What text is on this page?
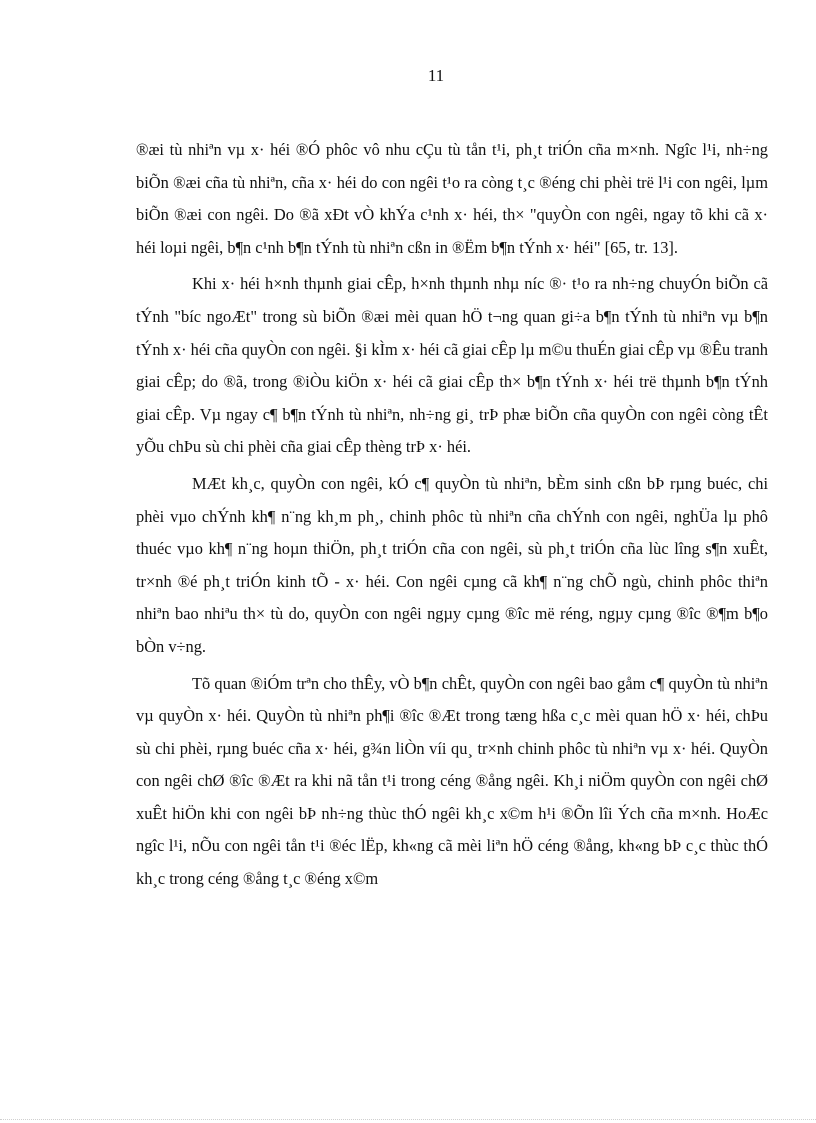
11

®æi tù nhiªn vµ x· héi ®Ó phôc vô nhu cÇu tù tån t¹i, ph¸t triÓn cña m×nh. Ngîc l¹i, nh÷ng biÕn ®æi cña tù nhiªn, cña x· héi do con ngêi t¹o ra còng t¸c ®éng chi phèi trë l¹i con ngêi, lµm biÕn ®æi con ngêi. Do ®ã xÐt vÒ khÝa c¹nh x· héi, th× "quyÒn con ngêi, ngay tõ khi cã x· héi loµi ngêi, b¶n c¹nh b¶n tÝnh tù nhiªn cßn in ®Ëm b¶n tÝnh x· héi" [65, tr. 13].

Khi x· héi h×nh thµnh giai cÊp, h×nh thµnh nhµ níc ®· t¹o ra nh÷ng chuyÓn biÕn cã tÝnh "bíc ngoÆt" trong sù biÕn ®æi mèi quan hÖ t¬ng quan gi÷a b¶n tÝnh tù nhiªn vµ b¶n tÝnh x· héi cña quyÒn con ngêi. §i kÌm x· héi cã giai cÊp lµ m©u thuÉn giai cÊp vµ ®Êu tranh giai cÊp; do ®ã, trong ®iÒu kiÖn x· héi cã giai cÊp th× b¶n tÝnh x· héi trë thµnh b¶n tÝnh giai cÊp. Vµ ngay c¶ b¶n tÝnh tù nhiªn, nh÷ng gi¸ trÞ phæ biÕn cña quyÒn con ngêi còng tÊt yÕu chÞu sù chi phèi cña giai cÊp thèng trÞ x· héi.

MÆt kh¸c, quyÒn con ngêi, kÓ c¶ quyÒn tù nhiªn, bÈm sinh cßn bÞ rµng buéc, chi phèi vµo chÝnh kh¶ n¨ng kh¸m ph¸, chinh phôc tù nhiªn cña chÝnh con ngêi, nghÜa lµ phô thuéc vµo kh¶ n¨ng hoµn thiÖn, ph¸t triÓn cña con ngêi, sù ph¸t triÓn cña lùc lîng s¶n xuÊt, tr×nh ®é ph¸t triÓn kinh tÕ - x· héi. Con ngêi cµng cã kh¶ n¨ng chÕ ngù, chinh phôc thiªn nhiªn bao nhiªu th× tù do, quyÒn con ngêi ngµy cµng ®îc më réng, ngµy cµng ®îc ®¶m b¶o bÒn v÷ng.

Tõ quan ®iÓm trªn cho thÊy, vÒ b¶n chÊt, quyÒn con ngêi bao gåm c¶ quyÒn tù nhiªn vµ quyÒn x· héi. QuyÒn tù nhiªn ph¶i ®îc ®Æt trong tæng hßa c¸c mèi quan hÖ x· héi, chÞu sù chi phèi, rµng buéc cña x· héi, g¾n liÒn víi qu¸ tr×nh chinh phôc tù nhiªn vµ x· héi. QuyÒn con ngêi chØ ®îc ®Æt ra khi nã tån t¹i trong céng ®ång ngêi. Kh¸i niÖm quyÒn con ngêi chØ xuÊt hiÖn khi con ngêi bÞ nh÷ng thùc thÓ ngêi kh¸c x©m h¹i ®Õn lîi Ých cña m×nh. HoÆc ngîc l¹i, nÕu con ngêi tån t¹i ®éc lËp, kh«ng cã mèi liªn hÖ céng ®ång, kh«ng bÞ c¸c thùc thÓ kh¸c trong céng ®ång t¸c ®éng x©m
